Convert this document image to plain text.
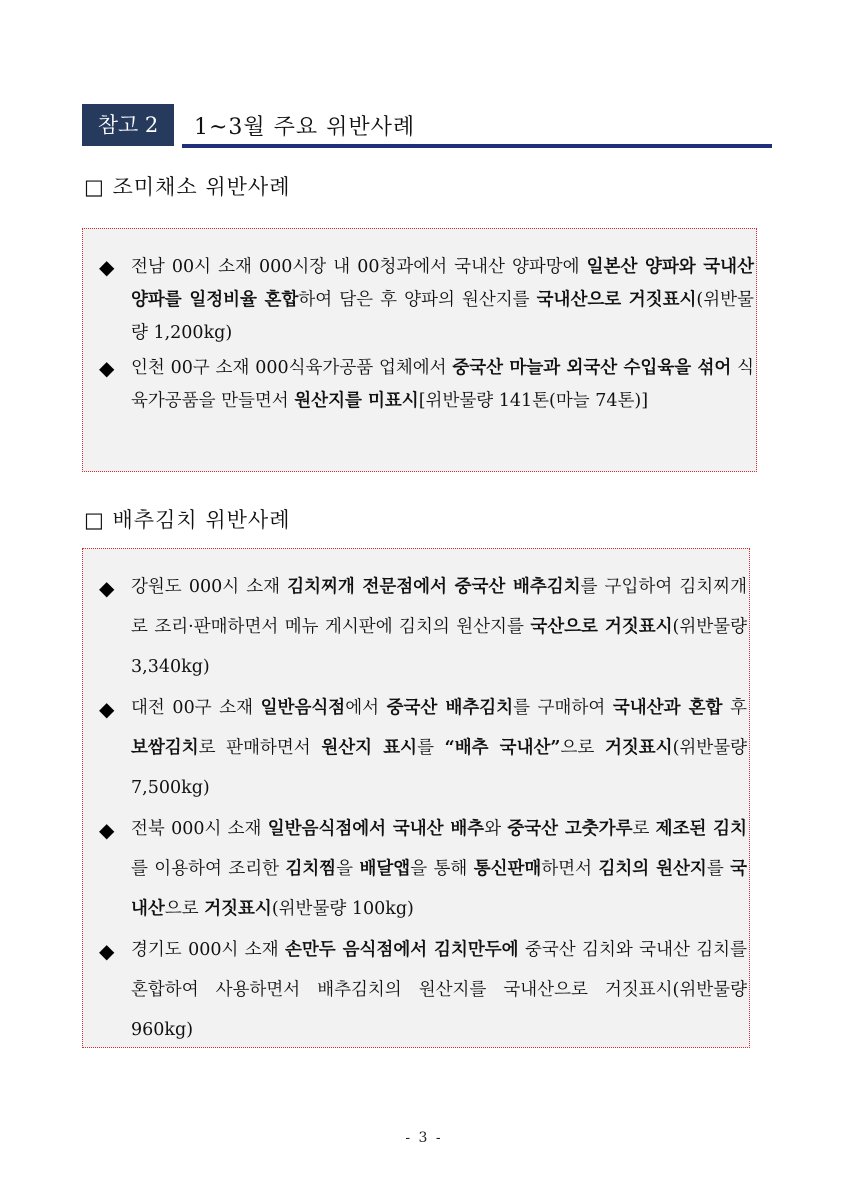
참고 2	1~3월 주요 위반사례
□ 조미채소 위반사례
◆ 전남 00시 소재 000시장 내 00청과에서 국내산 양파망에 일본산 양파와 국내산 양파를 일정비율 혼합하여 담은 후 양파의 원산지를 국내산으로 거짓표시(위반물량 1,200kg)
◆ 인천 00구 소재 000식육가공품 업체에서 중국산 마늘과 외국산 수입육을 섞어 식육가공품을 만들면서 원산지를 미표시[위반물량 141톤(마늘 74톤)]
□ 배추김치 위반사례
◆ 강원도 000시 소재 김치찌개 전문점에서 중국산 배추김치를 구입하여 김치찌개로 조리·판매하면서 메뉴 게시판에 김치의 원산지를 국산으로 거짓표시(위반물량 3,340kg)
◆ 대전 00구 소재 일반음식점에서 중국산 배추김치를 구매하여 국내산과 혼합 후 보쌈김치로 판매하면서 원산지 표시를 “배추 국내산”으로 거짓표시(위반물량 7,500kg)
◆ 전북 000시 소재 일반음식점에서 국내산 배추와 중국산 고춧가루로 제조된 김치를 이용하여 조리한 김치찜을 배달앱을 통해 통신판매하면서 김치의 원산지를 국내산으로 거짓표시(위반물량 100kg)
◆ 경기도 000시 소재 손만두 음식점에서 김치만두에 중국산 김치와 국내산 김치를 혼합하여 사용하면서 배추김치의 원산지를 국내산으로 거짓표시(위반물량 960kg)
- 3 -
